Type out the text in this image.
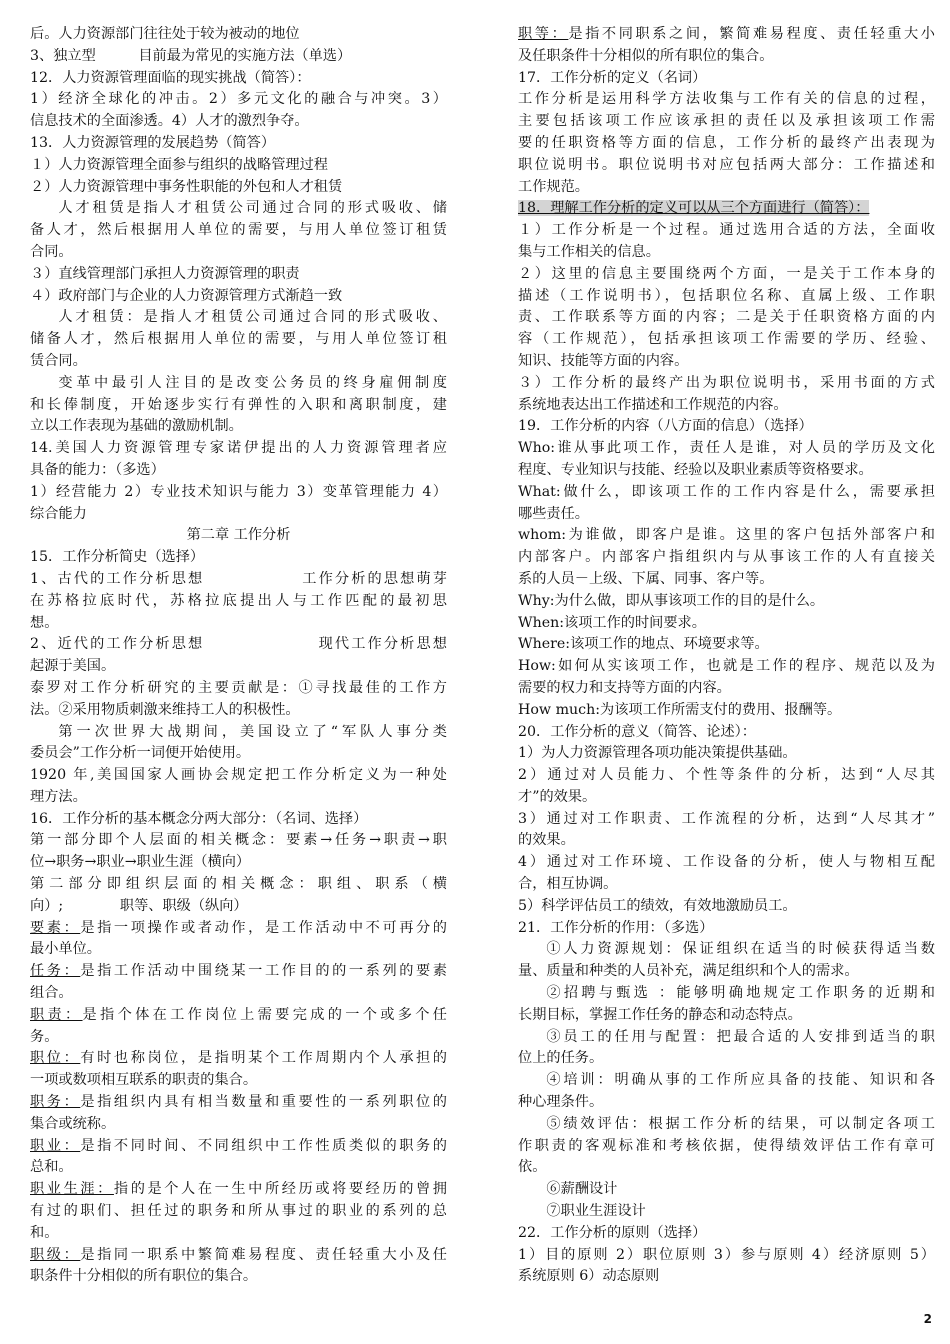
后。人力资源部门往往处于较为被动的地位
3、独立型　　　目前最为常见的实施方法（单选）
12．人力资源管理面临的现实挑战（简答）：
1）经济全球化的冲击。2）多元文化的融合与冲突。3）
信息技术的全面渗透。4）人才的激烈争夺。
13．人力资源管理的发展趋势（简答）
１）人力资源管理全面参与组织的战略管理过程
２）人力资源管理中事务性职能的外包和人才租赁
人才租赁是指人才租赁公司通过合同的形式吸收、储
备人才，然后根据用人单位的需要，与用人单位签订租赁
合同。
３）直线管理部门承担人力资源管理的职责
４）政府部门与企业的人力资源管理方式渐趋一致
人才租赁：是指人才租赁公司通过合同的形式吸收、
储备人才，然后根据用人单位的需要，与用人单位签订租
赁合同。
变革中最引人注目的是改变公务员的终身雇佣制度
和长俸制度，开始逐步实行有弹性的入职和离职制度，建
立以工作表现为基础的激励机制。
14.美国人力资源管理专家诺伊提出的人力资源管理者应
具备的能力：（多选）
1）经营能力 2）专业技术知识与能力 3）变革管理能力 4）
综合能力
第二章 工作分析
15．工作分析简史（选择）
1、古代的工作分析思想　　　　　　工作分析的思想萌芽
在苏格拉底时代，苏格拉底提出人与工作匹配的最初思
想。
2、近代的工作分析思想　　　　　　　现代工作分析思想
起源于美国。
泰罗对工作分析研究的主要贡献是：①寻找最佳的工作方
法。②采用物质刺激来维持工人的积极性。
第一次世界大战期间，美国设立了“军队人事分类
委员会”工作分析一词便开始使用。
1920 年,美国国家人画协会规定把工作分析定义为一种处
理方法。
16．工作分析的基本概念分两大部分：（名词、选择）
第一部分即个人层面的相关概念：要素→任务→职责→职
位→职务→职业→职业生涯（横向）
第二部分即组织层面的相关概念：职组、职系（横
向）;　　　　职等、职级（纵向）
要素：是指一项操作或者动作，是工作活动中不可再分的
最小单位。
任务：是指工作活动中围绕某一工作目的的一系列的要素
组合。
职责：是指个体在工作岗位上需要完成的一个或多个任
务。
职位：有时也称岗位，是指明某个工作周期内个人承担的
一项或数项相互联系的职责的集合。
职务：是指组织内具有相当数量和重要性的一系列职位的
集合或统称。
职业：是指不同时间、不同组织中工作性质类似的职务的
总和。
职业生涯：指的是个人在一生中所经历或将要经历的曾拥
有过的职们、担任过的职务和所从事过的职业的系列的总
和。
职级：是指同一职系中繁简难易程度、责任轻重大小及任
职条件十分相似的所有职位的集合。
职等：是指不同职系之间，繁简难易程度、责任轻重大小
及任职条件十分相似的所有职位的集合。
17．工作分析的定义（名词）
工作分析是运用科学方法收集与工作有关的信息的过程，
主要包括该项工作应该承担的责任以及承担该项工作需
要的任职资格等方面的信息，工作分析的最终产出表现为
职位说明书。职位说明书对应包括两大部分：工作描述和
工作规范。
18．理解工作分析的定义可以从三个方面进行（简答）：
１）工作分析是一个过程。通过选用合适的方法，全面收
集与工作相关的信息。
２）这里的信息主要围绕两个方面，一是关于工作本身的
描述（工作说明书），包括职位名称、直属上级、工作职
责、工作联系等方面的内容；二是关于任职资格方面的内
容（工作规范），包括承担该项工作需要的学历、经验、
知识、技能等方面的内容。
３）工作分析的最终产出为职位说明书，采用书面的方式
系统地表达出工作描述和工作规范的内容。
19．工作分析的内容（八方面的信息）（选择）
Who:谁从事此项工作，责任人是谁，对人员的学历及文化
程度、专业知识与技能、经验以及职业素质等资格要求。
What:做什么，即该项工作的工作内容是什么，需要承担
哪些责任。
whom:为谁做，即客户是谁。这里的客户包括外部客户和
内部客户。内部客户指组织内与从事该工作的人有直接关
系的人员－上级、下属、同事、客户等。
Why:为什么做，即从事该项工作的目的是什么。
When:该项工作的时间要求。
Where:该项工作的地点、环境要求等。
How:如何从实该项工作，也就是工作的程序、规范以及为
需要的权力和支持等方面的内容。
How much:为该项工作所需支付的费用、报酬等。
20．工作分析的意义（简答、论述）：
1）为人力资源管理各项功能决策提供基础。
2）通过对人员能力、个性等条件的分析，达到“人尽其
才”的效果。
3）通过对工作职责、工作流程的分析，达到“人尽其才”
的效果。
4）通过对工作环境、工作设备的分析，使人与物相互配
合，相互协调。
5）科学评估员工的绩效，有效地激励员工。
21．工作分析的作用：（多选）
①人力资源规划：保证组织在适当的时候获得适当数
量、质量和种类的人员补充，满足组织和个人的需求。
②招聘与甄选 ：能够明确地规定工作职务的近期和
长期目标，掌握工作任务的静态和动态特点。
③员工的任用与配置：把最合适的人安排到适当的职
位上的任务。
④培训：明确从事的工作所应具备的技能、知识和各
种心理条件。
⑤绩效评估：根据工作分析的结果，可以制定各项工
作职责的客观标准和考核依据，使得绩效评估工作有章可
依。
⑥薪酬设计
⑦职业生涯设计
22．工作分析的原则（选择）
1）目的原则 2）职位原则 3）参与原则 4）经济原则 5）
系统原则 6）动态原则
2
